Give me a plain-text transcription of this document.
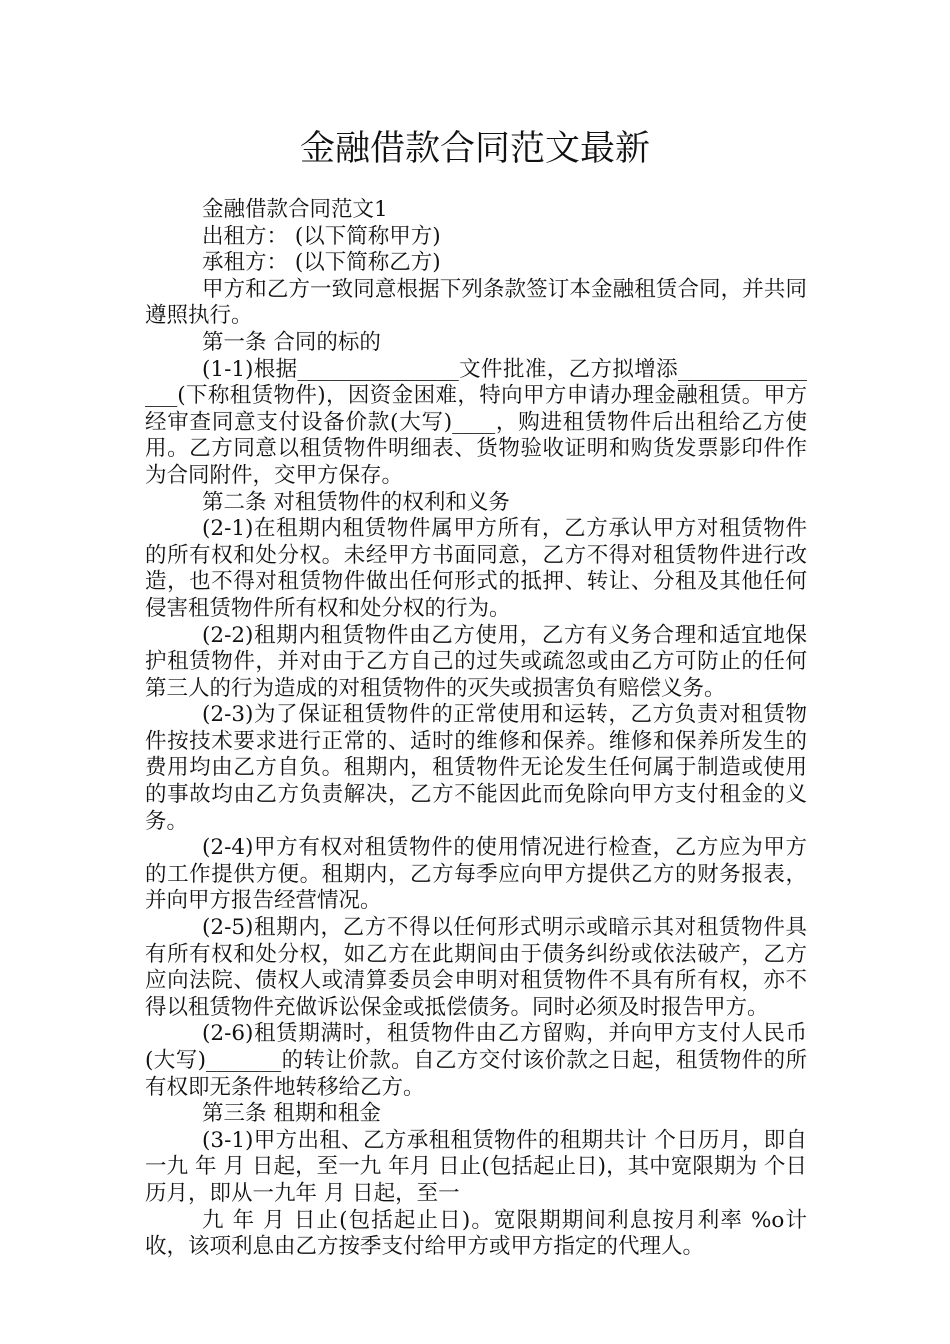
金融借款合同范文最新

金融借款合同范文1

出租方： (以下简称甲方)

承租方： (以下简称乙方)

甲方和乙方一致同意根据下列条款签订本金融租赁合同，并共同遵照执行。

第一条 合同的标的

(1-1)根据_______________文件批准，乙方拟增添_______________(下称租赁物件)，因资金困难，特向甲方申请办理金融租赁。甲方经审查同意支付设备价款(大写)____，购进租赁物件后出租给乙方使用。乙方同意以租赁物件明细表、货物验收证明和购货发票影印件作为合同附件，交甲方保存。

第二条 对租赁物件的权利和义务

(2-1)在租期内租赁物件属甲方所有，乙方承认甲方对租赁物件的所有权和处分权。未经甲方书面同意，乙方不得对租赁物件进行改造，也不得对租赁物件做出任何形式的抵押、转让、分租及其他任何侵害租赁物件所有权和处分权的行为。

(2-2)租期内租赁物件由乙方使用，乙方有义务合理和适宜地保护租赁物件，并对由于乙方自己的过失或疏忽或由乙方可防止的任何第三人的行为造成的对租赁物件的灭失或损害负有赔偿义务。

(2-3)为了保证租赁物件的正常使用和运转，乙方负责对租赁物件按技术要求进行正常的、适时的维修和保养。维修和保养所发生的费用均由乙方自负。租期内，租赁物件无论发生任何属于制造或使用的事故均由乙方负责解决，乙方不能因此而免除向甲方支付租金的义务。

(2-4)甲方有权对租赁物件的使用情况进行检查，乙方应为甲方的工作提供方便。租期内，乙方每季应向甲方提供乙方的财务报表，并向甲方报告经营情况。

(2-5)租期内，乙方不得以任何形式明示或暗示其对租赁物件具有所有权和处分权，如乙方在此期间由于债务纠纷或依法破产，乙方应向法院、债权人或清算委员会申明对租赁物件不具有所有权，亦不得以租赁物件充做诉讼保金或抵偿债务。同时必须及时报告甲方。

(2-6)租赁期满时，租赁物件由乙方留购，并向甲方支付人民币(大写)_______的转让价款。自乙方交付该价款之日起，租赁物件的所有权即无条件地转移给乙方。

第三条 租期和租金

(3-1)甲方出租、乙方承租租赁物件的租期共计 个日历月，即自一九 年 月 日起，至一九 年月 日止(包括起止日)，其中宽限期为 个日历月，即从一九年 月 日起，至一

九 年 月 日止(包括起止日)。宽限期期间利息按月利率 %o计收，该项利息由乙方按季支付给甲方或甲方指定的代理人。
